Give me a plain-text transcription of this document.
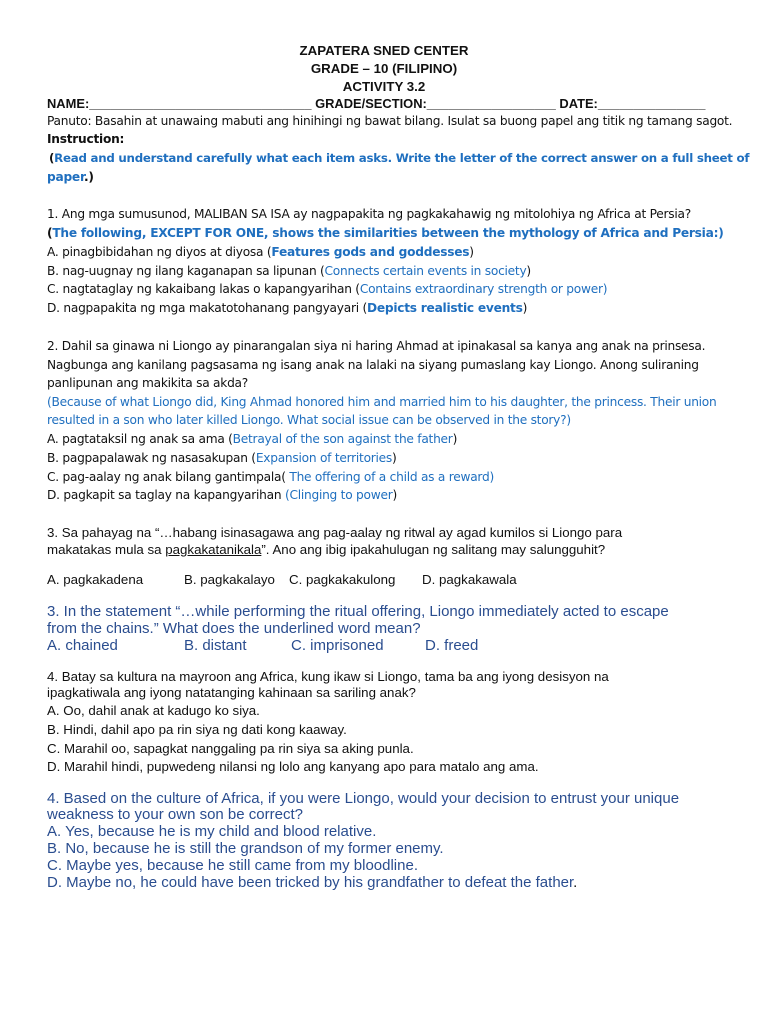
ZAPATERA SNED CENTER
GRADE – 10 (FILIPINO)
ACTIVITY 3.2
NAME:_______________________________ GRADE/SECTION:__________________ DATE:_______________
Panuto: Basahin at unawaing mabuti ang hinihingi ng bawat bilang. Isulat sa buong papel ang titik ng tamang sagot.
Instruction:
(Read and understand carefully what each item asks. Write the letter of the correct answer on a full sheet of
paper.)
1. Ang mga sumusunod, MALIBAN SA ISA ay nagpapakita ng pagkakahawig ng mitolohiya ng Africa at Persia?
(The following, EXCEPT FOR ONE, shows the similarities between the mythology of Africa and Persia:)
A. pinagbibidahan ng diyos at diyosa (Features gods and goddesses)
B. nag-uugnay ng ilang kaganapan sa lipunan (Connects certain events in society)
C. nagtataglay ng kakaibang lakas o kapangyarihan (Contains extraordinary strength or power)
D. nagpapakita ng mga makatotohanang pangyayari (Depicts realistic events)
2. Dahil sa ginawa ni Liongo ay pinarangalan siya ni haring Ahmad at ipinakasal sa kanya ang anak na prinsesa.
Nagbunga ang kanilang pagsasama ng isang anak na lalaki na siyang pumaslang kay Liongo. Anong suliraning
panlipunan ang makikita sa akda?
(Because of what Liongo did, King Ahmad honored him and married him to his daughter, the princess. Their union
resulted in a son who later killed Liongo. What social issue can be observed in the story?)
A. pagtataksil ng anak sa ama (Betrayal of the son against the father)
B. pagpapalawak ng nasasakupan (Expansion of territories)
C. pag-aalay ng anak bilang gantimpala( The offering of a child as a reward)
D. pagkapit sa taglay na kapangyarihan (Clinging to power)
3. Sa pahayag na “…habang isinasagawa ang pag-aalay ng ritwal ay agad kumilos si Liongo para
makatakas mula sa pagkakatanikala”. Ano ang ibig ipakahulugan ng salitang may salungguhit?
A. pagkakadena	B. pagkakalayo C. pagkakakulong D. pagkakawala
3. In the statement “…while performing the ritual offering, Liongo immediately acted to escape
from the chains.” What does the underlined word mean?
A. chained	B. distant	C. imprisoned	D. freed
4. Batay sa kultura na mayroon ang Africa, kung ikaw si Liongo, tama ba ang iyong desisyon na
ipagkatiwala ang iyong natatanging kahinaan sa sariling anak?
A. Oo, dahil anak at kadugo ko siya.
B. Hindi, dahil apo pa rin siya ng dati kong kaaway.
C. Marahil oo, sapagkat nanggaling pa rin siya sa aking punla.
D. Marahil hindi, pupwedeng nilansi ng lolo ang kanyang apo para matalo ang ama.
4. Based on the culture of Africa, if you were Liongo, would your decision to entrust your unique
weakness to your own son be correct?
A. Yes, because he is my child and blood relative.
B. No, because he is still the grandson of my former enemy.
C. Maybe yes, because he still came from my bloodline.
D. Maybe no, he could have been tricked by his grandfather to defeat the father.
